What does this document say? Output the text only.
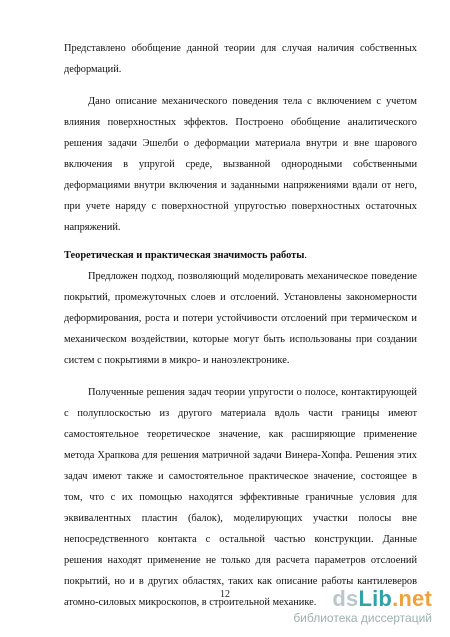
Представлено обобщение данной теории для случая наличия собственных деформаций.

Дано описание механического поведения тела с включением с учетом влияния поверхностных эффектов. Построено обобщение аналитического решения задачи Эшелби о деформации материала внутри и вне шарового включения в упругой среде, вызванной однородными собственными деформациями внутри включения и заданными напряжениями вдали от него, при учете наряду с поверхностной упругостью поверхностных остаточных напряжений.

Теоретическая и практическая значимость работы.

Предложен подход, позволяющий моделировать механическое поведение покрытий, промежуточных слоев и отслоений. Установлены закономерности деформирования, роста и потери устойчивости отслоений при термическом и механическом воздействии, которые могут быть использованы при создании систем с покрытиями в микро- и наноэлектронике.

Полученные решения задач теории упругости о полосе, контактирующей с полуплоскостью из другого материала вдоль части границы имеют самостоятельное теоретическое значение, как расширяющие применение метода Храпкова для решения матричной задачи Винера-Хопфа. Решения этих задач имеют также и самостоятельное практическое значение, состоящее в том, что с их помощью находятся эффективные граничные условия для эквивалентных пластин (балок), моделирующих участки полосы вне непосредственного контакта с остальной частью конструкции. Данные решения находят применение не только для расчета параметров отслоений покрытий, но и в других областях, таких как описание работы кантилеверов атомно-силовых микроскопов, в строительной механике.

12	dsLib.net
библиотека диссертаций
